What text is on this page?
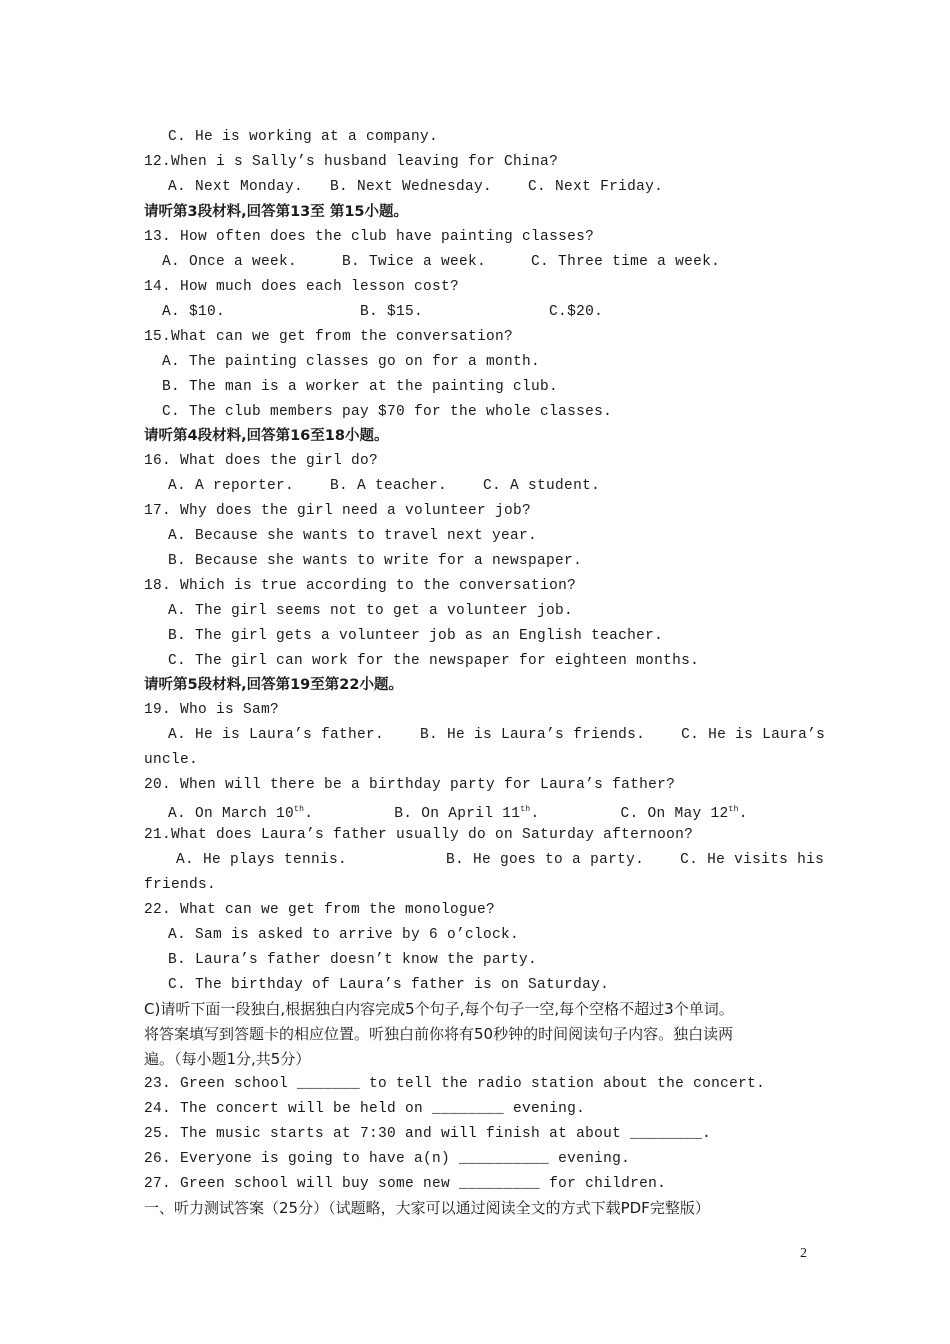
C. He is working at a company.
12.When i s Sally’s husband leaving for China?
A. Next Monday.   B. Next Wednesday.    C. Next Friday.
请听第3段材料,回答第13至 第15小题。
13. How often does the club have painting classes?
A. Once a week.     B. Twice a week.     C. Three time a week.
14. How much does each lesson cost?
A. $10.               B. $15.              C.$20.
15.What can we get from the conversation?
A. The painting classes go on for a month.
B. The man is a worker at the painting club.
C. The club members pay $70 for the whole classes.
请听第4段材料,回答第16至18小题。
16. What does the girl do?
A. A reporter.    B. A teacher.    C. A student.
17. Why does the girl need a volunteer job?
A. Because she wants to travel next year.
B. Because she wants to write for a newspaper.
18. Which is true according to the conversation?
A. The girl seems not to get a volunteer job.
B. The girl gets a volunteer job as an English teacher.
C. The girl can work for the newspaper for eighteen months.
请听第5段材料,回答第19至第22小题。
19. Who is Sam?
A. He is Laura’s father.    B. He is Laura’s friends.    C. He is Laura’s
uncle.
20. When will there be a birthday party for Laura’s father?
A. On March 10th.         B. On April 11th.         C. On May 12th.
21.What does Laura’s father usually do on Saturday afternoon?
A. He plays tennis.           B. He goes to a party.    C. He visits his
friends.
22. What can we get from the monologue?
A. Sam is asked to arrive by 6 o’clock.
B. Laura’s father doesn’t know the party.
C. The birthday of Laura’s father is on Saturday.
C)请听下面一段独白,根据独白内容完成5个句子,每个句子一空,每个空格不超过3个单词。
将答案填写到答题卡的相应位置。听独白前你将有50秒钟的时间阅读句子内容。独白读两
遍。（每小题1分,共5分）
23. Green school _______ to tell the radio station about the concert.
24. The concert will be held on ________ evening.
25. The music starts at 7:30 and will finish at about ________.
26. Everyone is going to have a(n) __________ evening.
27. Green school will buy some new _________ for children.
一、听力测试答案（25分）（试题略，大家可以通过阅读全文的方式下载PDF完整版）
2
